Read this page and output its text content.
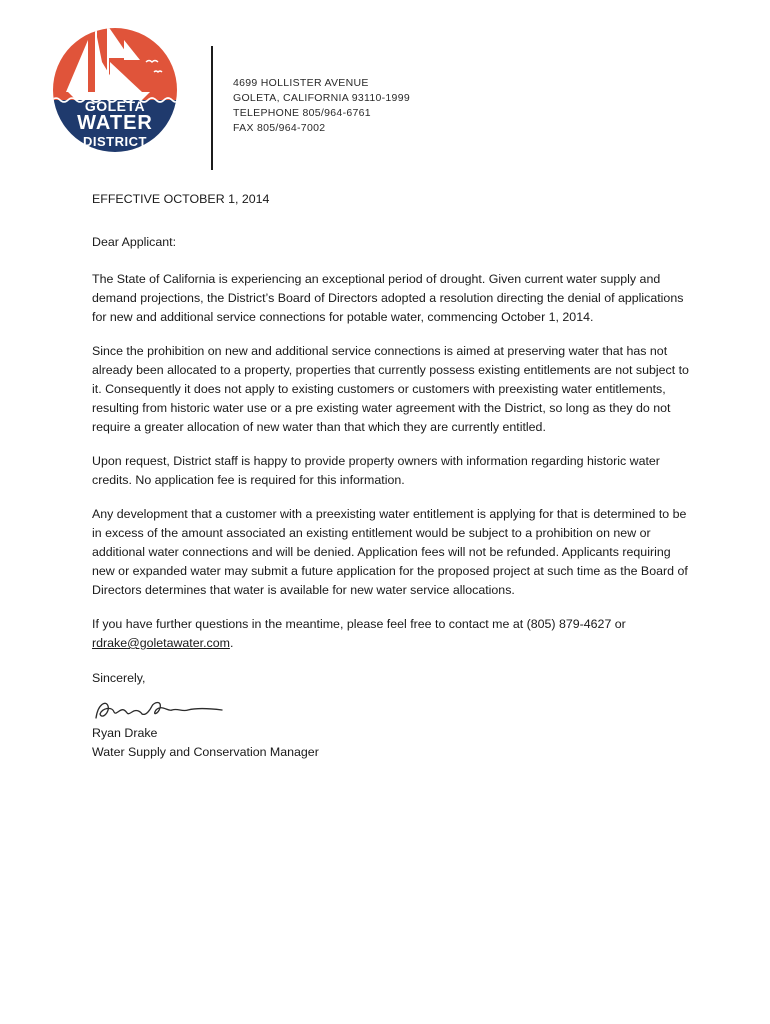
GOLETA
WATER
DISTRICT
4699 HOLLISTER AVENUE
GOLETA, CALIFORNIA 93110-1999
TELEPHONE 805/964-6761
FAX 805/964-7002

EFFECTIVE OCTOBER 1, 2014

Dear Applicant:

The State of California is experiencing an exceptional period of drought. Given current water supply and demand projections, the District’s Board of Directors adopted a resolution directing the denial of applications for new and additional service connections for potable water, commencing October 1, 2014.

Since the prohibition on new and additional service connections is aimed at preserving water that has not already been allocated to a property, properties that currently possess existing entitlements are not subject to it. Consequently it does not apply to existing customers or customers with preexisting water entitlements, resulting from historic water use or a pre existing water agreement with the District, so long as they do not require a greater allocation of new water than that which they are currently entitled.

Upon request, District staff is happy to provide property owners with information regarding historic water credits. No application fee is required for this information.

Any development that a customer with a preexisting water entitlement is applying for that is determined to be in excess of the amount associated an existing entitlement would be subject to a prohibition on new or additional water connections and will be denied. Application fees will not be refunded. Applicants requiring new or expanded water may submit a future application for the proposed project at such time as the Board of Directors determines that water is available for new water service allocations.

If you have further questions in the meantime, please feel free to contact me at (805) 879-4627 or rdrake@goletawater.com.

Sincerely,

Ryan Drake

Water Supply and Conservation Manager
